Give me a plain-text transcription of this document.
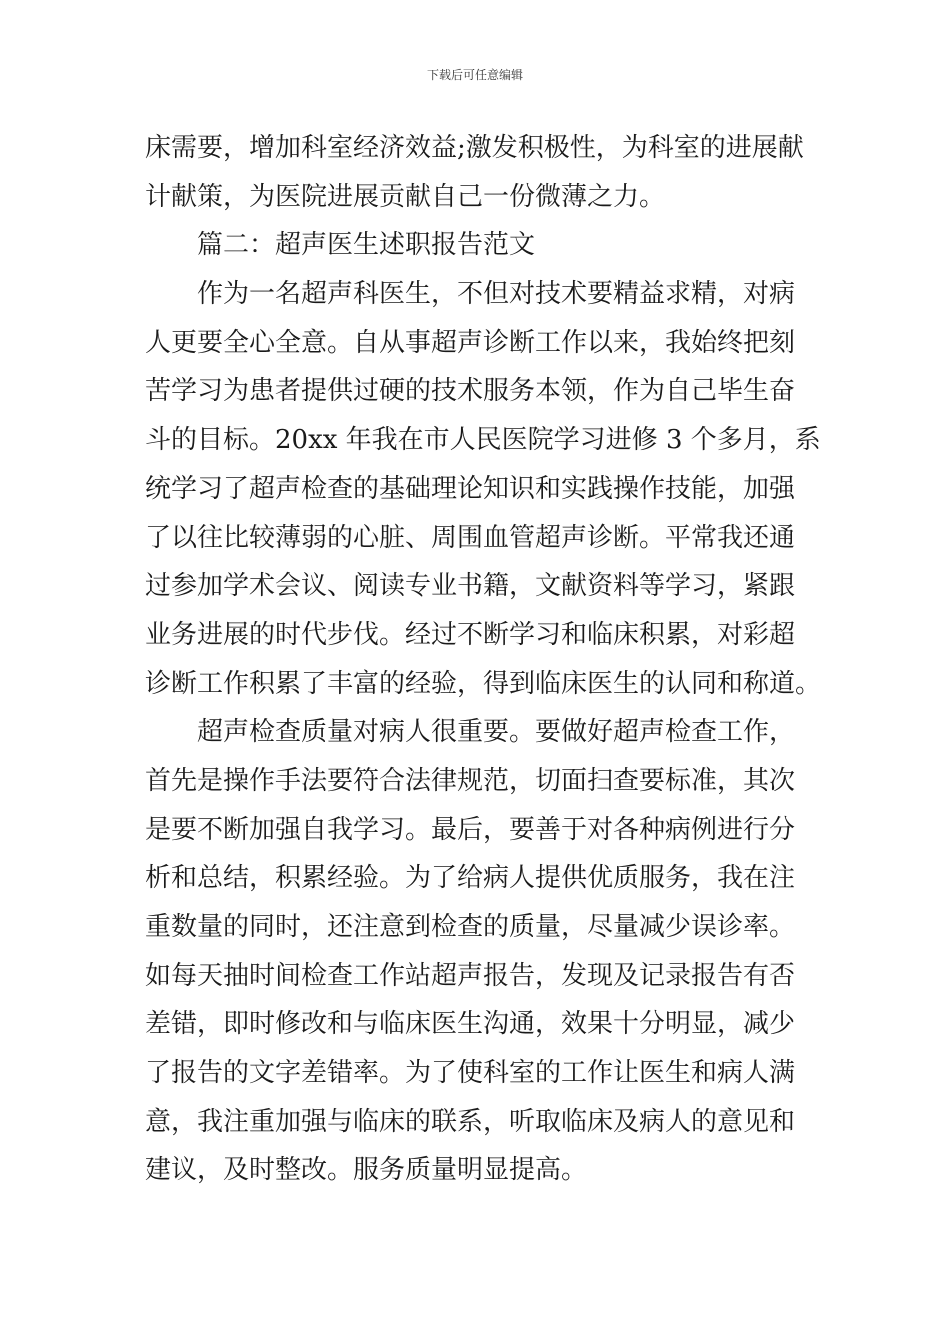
下载后可任意编辑
床需要，增加科室经济效益;激发积极性，为科室的进展献
计献策，为医院进展贡献自己一份微薄之力。
篇二：超声医生述职报告范文
作为一名超声科医生，不但对技术要精益求精，对病
人更要全心全意。自从事超声诊断工作以来，我始终把刻
苦学习为患者提供过硬的技术服务本领，作为自己毕生奋
斗的目标。20xx 年我在市人民医院学习进修 3 个多月，系
统学习了超声检查的基础理论知识和实践操作技能，加强
了以往比较薄弱的心脏、周围血管超声诊断。平常我还通
过参加学术会议、阅读专业书籍，文献资料等学习，紧跟
业务进展的时代步伐。经过不断学习和临床积累，对彩超
诊断工作积累了丰富的经验，得到临床医生的认同和称道。
超声检查质量对病人很重要。要做好超声检查工作，
首先是操作手法要符合法律规范，切面扫查要标准，其次
是要不断加强自我学习。最后，要善于对各种病例进行分
析和总结，积累经验。为了给病人提供优质服务，我在注
重数量的同时，还注意到检查的质量，尽量减少误诊率。
如每天抽时间检查工作站超声报告，发现及记录报告有否
差错，即时修改和与临床医生沟通，效果十分明显，减少
了报告的文字差错率。为了使科室的工作让医生和病人满
意，我注重加强与临床的联系，听取临床及病人的意见和
建议，及时整改。服务质量明显提高。
